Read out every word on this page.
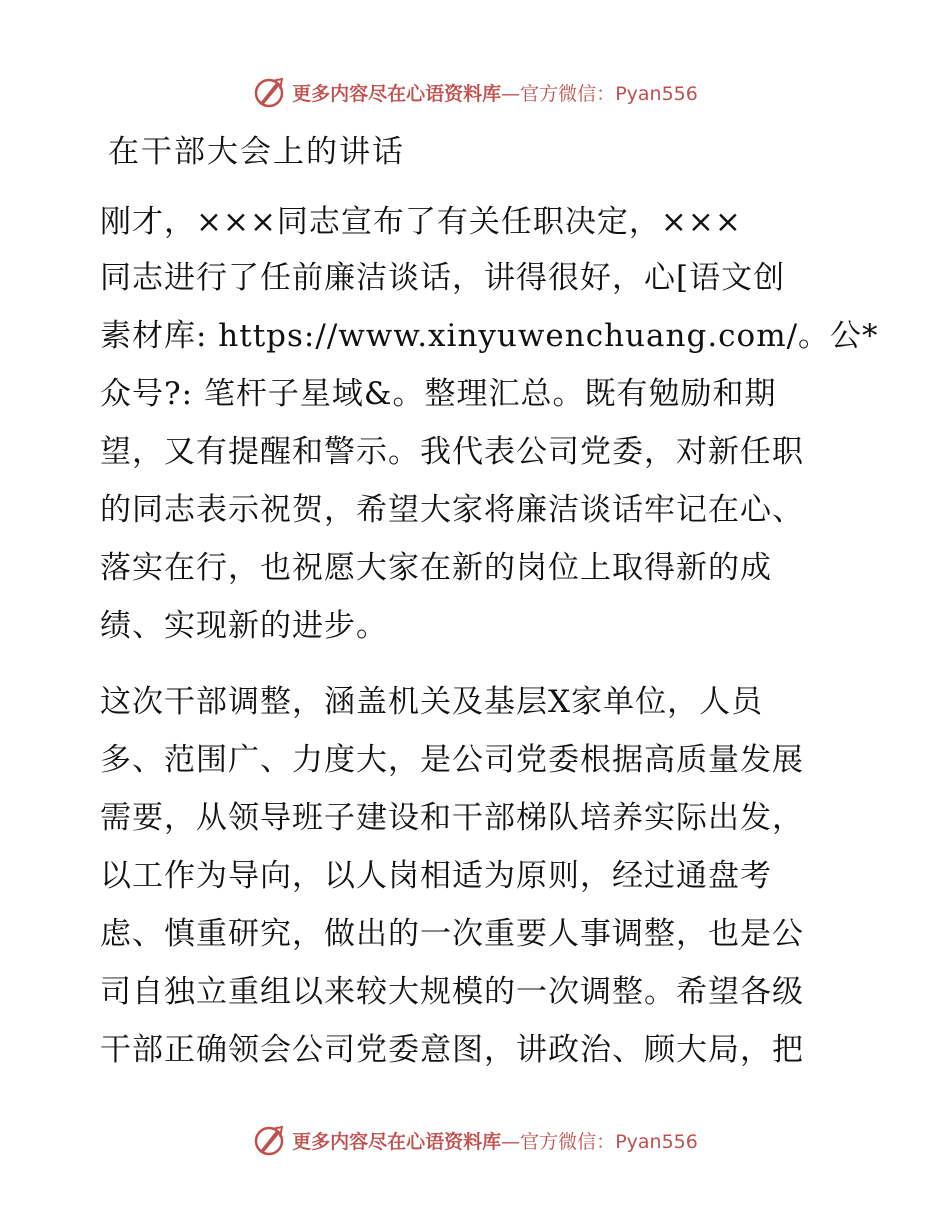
更多内容尽在心语资料库—官方微信：Pyan556
在干部大会上的讲话
刚才，×××同志宣布了有关任职决定，×××
同志进行了任前廉洁谈话，讲得很好，心[语文创
素材库: https://www.xinyuwenchuang.com/。公*
众号?: 笔杆子星域&。整理汇总。既有勉励和期
望，又有提醒和警示。我代表公司党委，对新任职
的同志表示祝贺，希望大家将廉洁谈话牢记在心、
落实在行，也祝愿大家在新的岗位上取得新的成
绩、实现新的进步。
这次干部调整，涵盖机关及基层X家单位，人员
多、范围广、力度大，是公司党委根据高质量发展
需要，从领导班子建设和干部梯队培养实际出发，
以工作为导向，以人岗相适为原则，经过通盘考
虑、慎重研究，做出的一次重要人事调整，也是公
司自独立重组以来较大规模的一次调整。希望各级
干部正确领会公司党委意图，讲政治、顾大局，把
更多内容尽在心语资料库—官方微信：Pyan556
